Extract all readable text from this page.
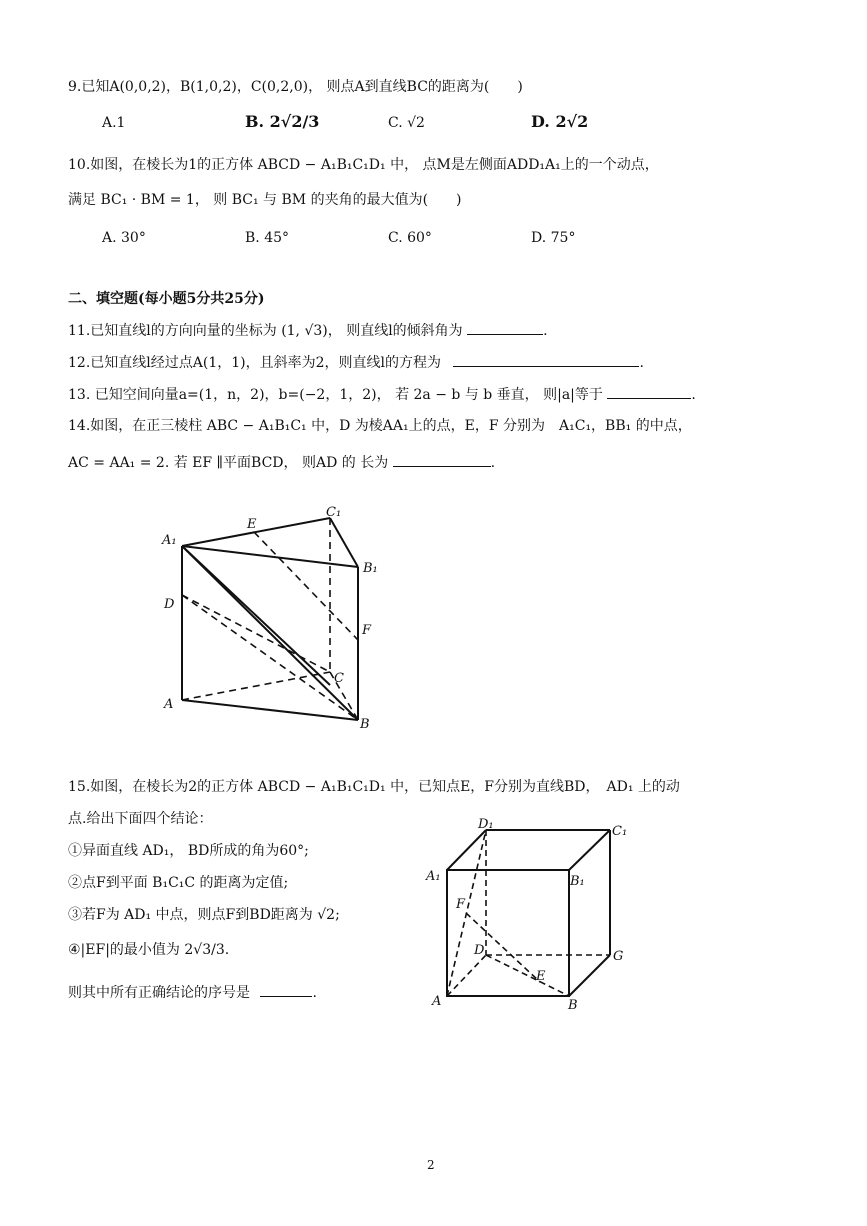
9.已知A(0,0,2)，B(1,0,2)，C(0,2,0)， 则点A到直线BC的距离为(　　)
A.1	B. 2√2/3	C. √2	D. 2√2
10.如图，在棱长为1的正方体 ABCD − A₁B₁C₁D₁ 中， 点M是左侧面ADD₁A₁上的一个动点，
满足 BC₁ · BM = 1， 则 BC₁ 与 BM 的夹角的最大值为(　　)
A. 30°	B. 45°	C. 60°	D. 75°
二、填空题(每小题5分共25分)
11.已知直线l的方向向量的坐标为 (1, √3)， 则直线l的倾斜角为	.
12.已知直线l经过点A(1，1)，且斜率为2，则直线l的方程为	.
13. 已知空间向量a=(1，n，2)，b=(−2，1，2)， 若 2a − b 与 b 垂直， 则|a|等于	.
14.如图，在正三棱柱 ABC − A₁B₁C₁ 中，D 为棱AA₁上的点，E，F 分别为　A₁C₁，BB₁ 的中点，
AC = AA₁ = 2. 若 EF ∥平面BCD， 则AD 的 长为	.
A₁
E
C₁
B₁
D
F
C
A
B
15.如图，在棱长为2的正方体 ABCD − A₁B₁C₁D₁ 中，已知点E，F分别为直线BD，　AD₁ 上的动
点.给出下面四个结论：
①异面直线 AD₁， BD所成的角为60°;
②点F到平面 B₁C₁C 的距离为定值;
③若F为 AD₁ 中点，则点F到BD距离为 √2;
④|EF|的最小值为 2√3/3.
则其中所有正确结论的序号是	.
D₁	C₁
A₁	B₁
F
D	G
E
A	B
2
